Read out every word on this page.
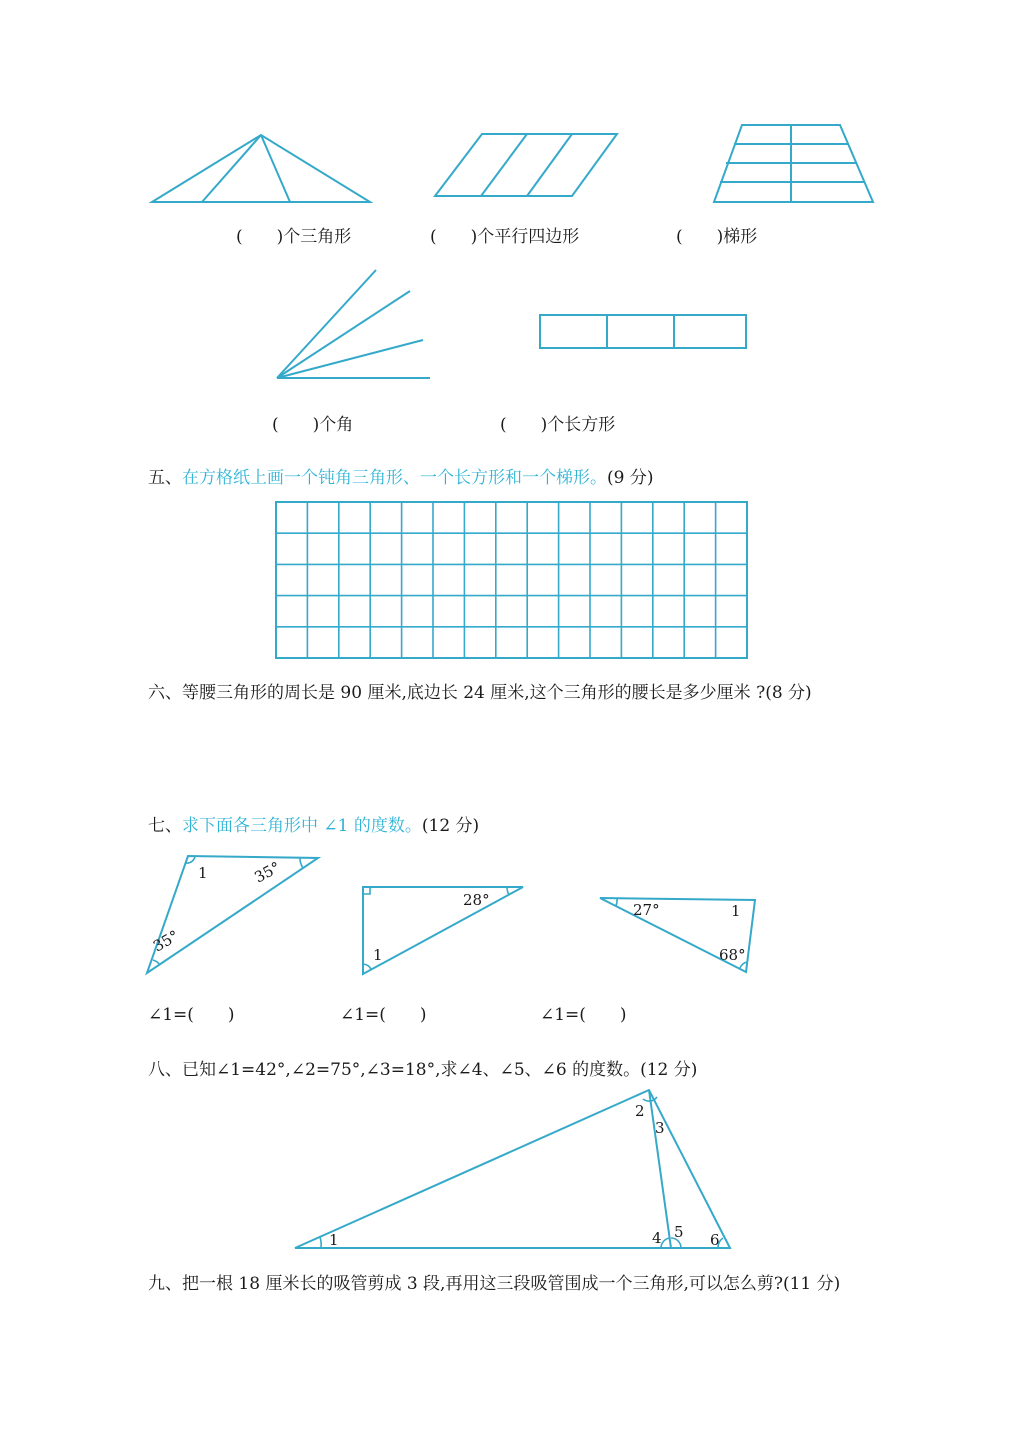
(　　)个三角形	(　　)个平行四边形	(　　)梯形
(　　)个角	(　　)个长方形
五、在方格纸上画一个钝角三角形、一个长方形和一个梯形。(9 分)
六、等腰三角形的周长是 90 厘米,底边长 24 厘米,这个三角形的腰长是多少厘米 ?(8 分)
七、求下面各三角形中 ∠1 的度数。(12 分)
1	35°
35°
∠1=(　　)
28°
1
∠1=(　　)
27°	1
68°
∠1=(　　)
八、已知∠1=42°,∠2=75°,∠3=18°,求∠4、∠5、∠6 的度数。(12 分)
1
2
3
4 5 6
九、把一根 18 厘米长的吸管剪成 3 段,再用这三段吸管围成一个三角形,可以怎么剪?(11 分)
